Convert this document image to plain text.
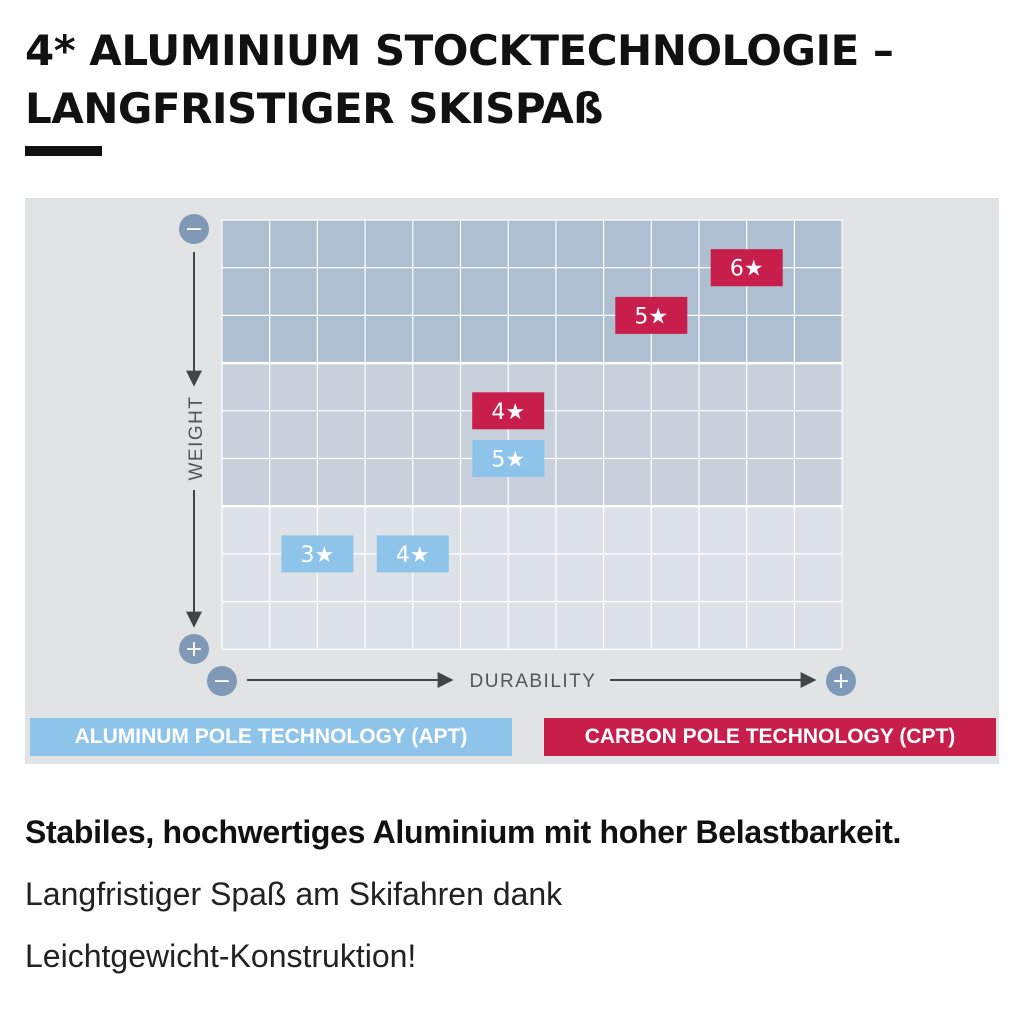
4* ALUMINIUM STOCKTECHNOLOGIE –
LANGFRISTIGER SKISPAß
−
+
−	+
WEIGHT
DURABILITY
3★	4★
5★
4★
5★
6★
ALUMINUM POLE TECHNOLOGY (APT)	CARBON POLE TECHNOLOGY (CPT)

Stabiles, hochwertiges Aluminium mit hoher Belastbarkeit.

Langfristiger Spaß am Skifahren dank

Leichtgewicht-Konstruktion!
